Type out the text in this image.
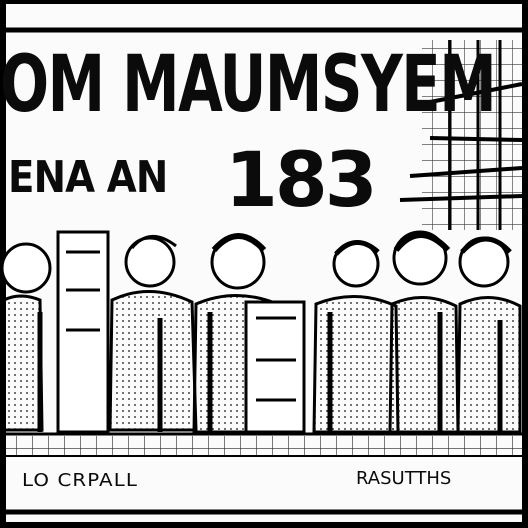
OM MAUMSYEM
ENA AN 183
LO CRPALL	RASUTTHS
